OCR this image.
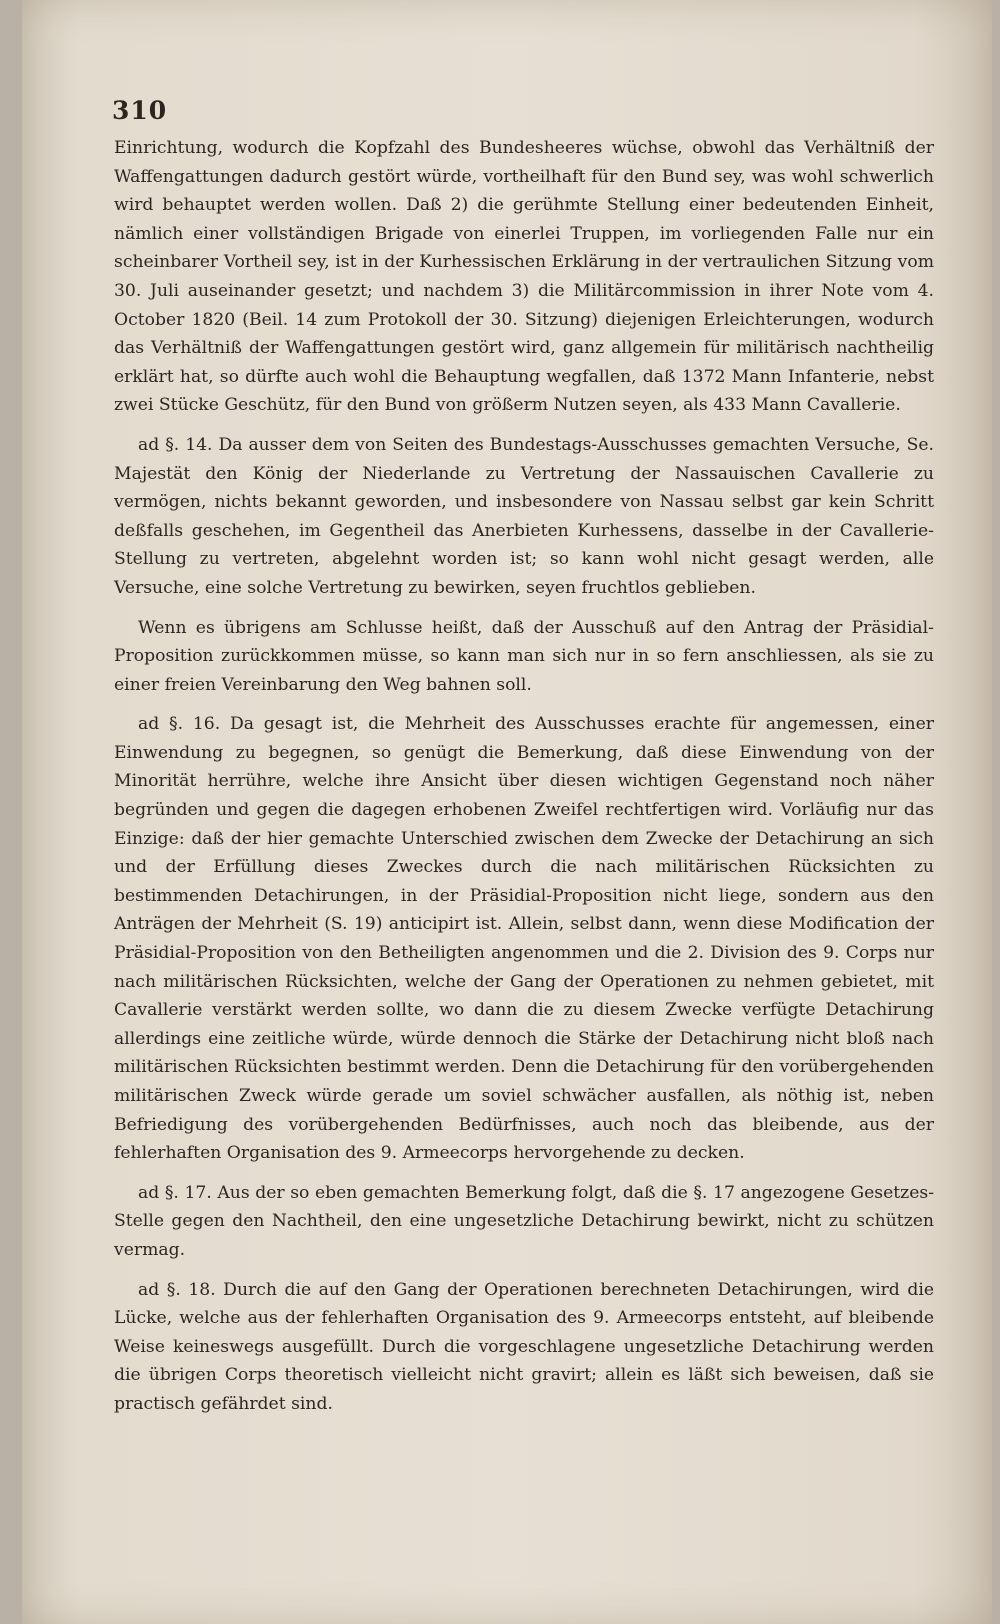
310

Einrichtung, wodurch die Kopfzahl des Bundesheeres wüchse, obwohl das Verhältniß der Waffengattungen dadurch gestört würde, vortheilhaft für den Bund sey, was wohl schwerlich wird behauptet werden wollen. Daß 2) die gerühmte Stellung einer bedeutenden Einheit, nämlich einer vollständigen Brigade von einerlei Truppen, im vorliegenden Falle nur ein scheinbarer Vortheil sey, ist in der Kurhessischen Erklärung in der vertraulichen Sitzung vom 30. Juli auseinander gesetzt; und nachdem 3) die Militärcommission in ihrer Note vom 4. October 1820 (Beil. 14 zum Protokoll der 30. Sitzung) diejenigen Erleichterungen, wodurch das Verhältniß der Waffengattungen gestört wird, ganz allgemein für militärisch nachtheilig erklärt hat, so dürfte auch wohl die Behauptung wegfallen, daß 1372 Mann Infanterie, nebst zwei Stücke Geschütz, für den Bund von größerm Nutzen seyen, als 433 Mann Cavallerie.

ad §. 14. Da ausser dem von Seiten des Bundestags-Ausschusses gemachten Versuche, Se. Majestät den König der Niederlande zu Vertretung der Nassauischen Cavallerie zu vermögen, nichts bekannt geworden, und insbesondere von Nassau selbst gar kein Schritt deßfalls geschehen, im Gegentheil das Anerbieten Kurhessens, dasselbe in der Cavallerie-Stellung zu vertreten, abgelehnt worden ist; so kann wohl nicht gesagt werden, alle Versuche, eine solche Vertretung zu bewirken, seyen fruchtlos geblieben.

Wenn es übrigens am Schlusse heißt, daß der Ausschuß auf den Antrag der Präsidial-Proposition zurückkommen müsse, so kann man sich nur in so fern anschliessen, als sie zu einer freien Vereinbarung den Weg bahnen soll.

ad §. 16. Da gesagt ist, die Mehrheit des Ausschusses erachte für angemessen, einer Einwendung zu begegnen, so genügt die Bemerkung, daß diese Einwendung von der Minorität herrühre, welche ihre Ansicht über diesen wichtigen Gegenstand noch näher begründen und gegen die dagegen erhobenen Zweifel rechtfertigen wird. Vorläufig nur das Einzige: daß der hier gemachte Unterschied zwischen dem Zwecke der Detachirung an sich und der Erfüllung dieses Zweckes durch die nach militärischen Rücksichten zu bestimmenden Detachirungen, in der Präsidial-Proposition nicht liege, sondern aus den Anträgen der Mehrheit (S. 19) anticipirt ist. Allein, selbst dann, wenn diese Modification der Präsidial-Proposition von den Betheiligten angenommen und die 2. Division des 9. Corps nur nach militärischen Rücksichten, welche der Gang der Operationen zu nehmen gebietet, mit Cavallerie verstärkt werden sollte, wo dann die zu diesem Zwecke verfügte Detachirung allerdings eine zeitliche würde, würde dennoch die Stärke der Detachirung nicht bloß nach militärischen Rücksichten bestimmt werden. Denn die Detachirung für den vorübergehenden militärischen Zweck würde gerade um soviel schwächer ausfallen, als nöthig ist, neben Befriedigung des vorübergehenden Bedürfnisses, auch noch das bleibende, aus der fehlerhaften Organisation des 9. Armeecorps hervorgehende zu decken.

ad §. 17. Aus der so eben gemachten Bemerkung folgt, daß die §. 17 angezogene Gesetzes-Stelle gegen den Nachtheil, den eine ungesetzliche Detachirung bewirkt, nicht zu schützen vermag.

ad §. 18. Durch die auf den Gang der Operationen berechneten Detachirungen, wird die Lücke, welche aus der fehlerhaften Organisation des 9. Armeecorps entsteht, auf bleibende Weise keineswegs ausgefüllt. Durch die vorgeschlagene ungesetzliche Detachirung werden die übrigen Corps theoretisch vielleicht nicht gravirt; allein es läßt sich beweisen, daß sie practisch gefährdet sind.
